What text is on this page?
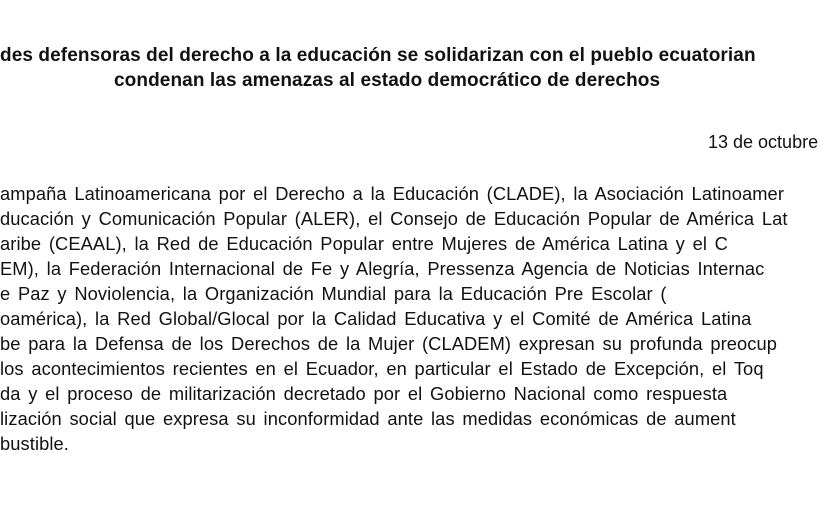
des defensoras del derecho a la educación se solidarizan con el pueblo ecuatorian
condenan las amenazas al estado democrático de derechos
13 de octubre
ampaña Latinoamericana por el Derecho a la Educación (CLADE), la Asociación Latinoamer
ducación y Comunicación Popular (ALER), el Consejo de Educación Popular de América Lat
aribe (CEAAL), la Red de Educación Popular entre Mujeres de América Latina y el C
EM), la Federación Internacional de Fe y Alegría, Pressenza Agencia de Noticias Internac
e Paz y Noviolencia, la Organización Mundial para la Educación Pre Escolar (
oamérica), la Red Global/Glocal por la Calidad Educativa y el Comité de América Latina
be para la Defensa de los Derechos de la Mujer (CLADEM) expresan su profunda preocup
los acontecimientos recientes en el Ecuador, en particular el Estado de Excepción, el Toq
da y el proceso de militarización decretado por el Gobierno Nacional como respuesta
lización social que expresa su inconformidad ante las medidas económicas de aument
bustible.
